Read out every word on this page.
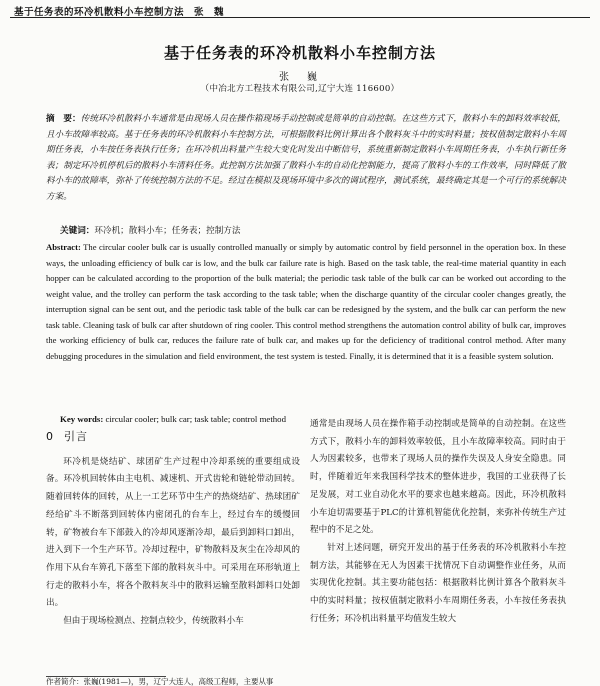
基于任务表的环冷机散料小车控制方法 张　魏
基于任务表的环冷机散料小车控制方法
张　巍
（中冶北方工程技术有限公司,辽宁大连 116600）
摘　要：传统环冷机散料小车通常是由现场人员在操作箱现场手动控制或是简单的自动控制。在这些方式下，散料小车的卸料效率较低，且小车故障率较高。基于任务表的环冷机散料小车控制方法，可根据散料比例计算出各个散料灰斗中的实时料量；按权值制定散料小车周期任务表，小车按任务表执行任务；在环冷机出料量产生较大变化时发出中断信号，系统重新制定散料小车周期任务表，小车执行新任务表；制定环冷机停机后的散料小车清料任务。此控制方法加强了散料小车的自动化控制能力，提高了散料小车的工作效率，同时降低了散料小车的故障率，弥补了传统控制方法的不足。经过在模拟及现场环境中多次的调试程序，测试系统，最终确定其是一个可行的系统解决方案。
关键词：环冷机；散料小车；任务表；控制方法
Abstract: The circular cooler bulk car is usually controlled manually or simply by automatic control by field personnel in the operation box. In these ways, the unloading efficiency of bulk car is low, and the bulk car failure rate is high. Based on the task table, the real-time material quantity in each hopper can be calculated according to the proportion of the bulk material; the periodic task table of the bulk car can be worked out according to the weight value, and the trolley can perform the task according to the task table; when the discharge quantity of the circular cooler changes greatly, the interruption signal can be sent out, and the periodic task table of the bulk car can be redesigned by the system, and the bulk car can perform the new task table. Cleaning task of bulk car after shutdown of ring cooler. This control method strengthens the automation control ability of bulk car, improves the working efficiency of bulk car, reduces the failure rate of bulk car, and makes up for the deficiency of traditional control method. After many debugging procedures in the simulation and field environment, the test system is tested. Finally, it is determined that it is a feasible system solution.
Key words: circular cooler; bulk car; task table; control method
0 引言

环冷机是烧结矿、球团矿生产过程中冷却系统的重要组成设备。环冷机回转体由主电机、减速机、开式齿轮和链轮带动回转。随着回转体的回转，从上一工艺环节中生产的热烧结矿、热球团矿经给矿斗不断落到回转体内密闭孔的台车上，经过台车的缓慢回转，矿物被台车下部鼓入的冷却风逐渐冷却，最后到卸料口卸出，进入到下一个生产环节。冷却过程中，矿物散料及灰尘在冷却风的作用下从台车箅孔下落至下部的散料灰斗中。可采用在环形轨道上行走的散料小车，将各个散料灰斗中的散料运输至散料卸料口处卸出。

但由于现场检测点、控制点较少，传统散料小车

通常是由现场人员在操作箱手动控制或是简单的自动控制。在这些方式下，散料小车的卸料效率较低，且小车故障率较高。同时由于人为因素较多，也带来了现场人员的操作失误及人身安全隐患。同时，伴随着近年来我国科学技术的整体进步，我国的工业获得了长足发展，对工业自动化水平的要求也越来越高。因此，环冷机散料小车迫切需要基于PLC的计算机智能优化控制，来弥补传统生产过程中的不足之处。

针对上述问题，研究开发出的基于任务表的环冷机散料小车控制方法，其能够在无人为因素干扰情况下自动调整作业任务，从而实现优化控制。其主要功能包括：根据散料比例计算各个散料灰斗中的实时料量；按权值制定散料小车周期任务表，小车按任务表执行任务；环冷机出料量平均值发生较大

作者简介：张巍(1981—)，男，辽宁大连人，高级工程师，主要从事
